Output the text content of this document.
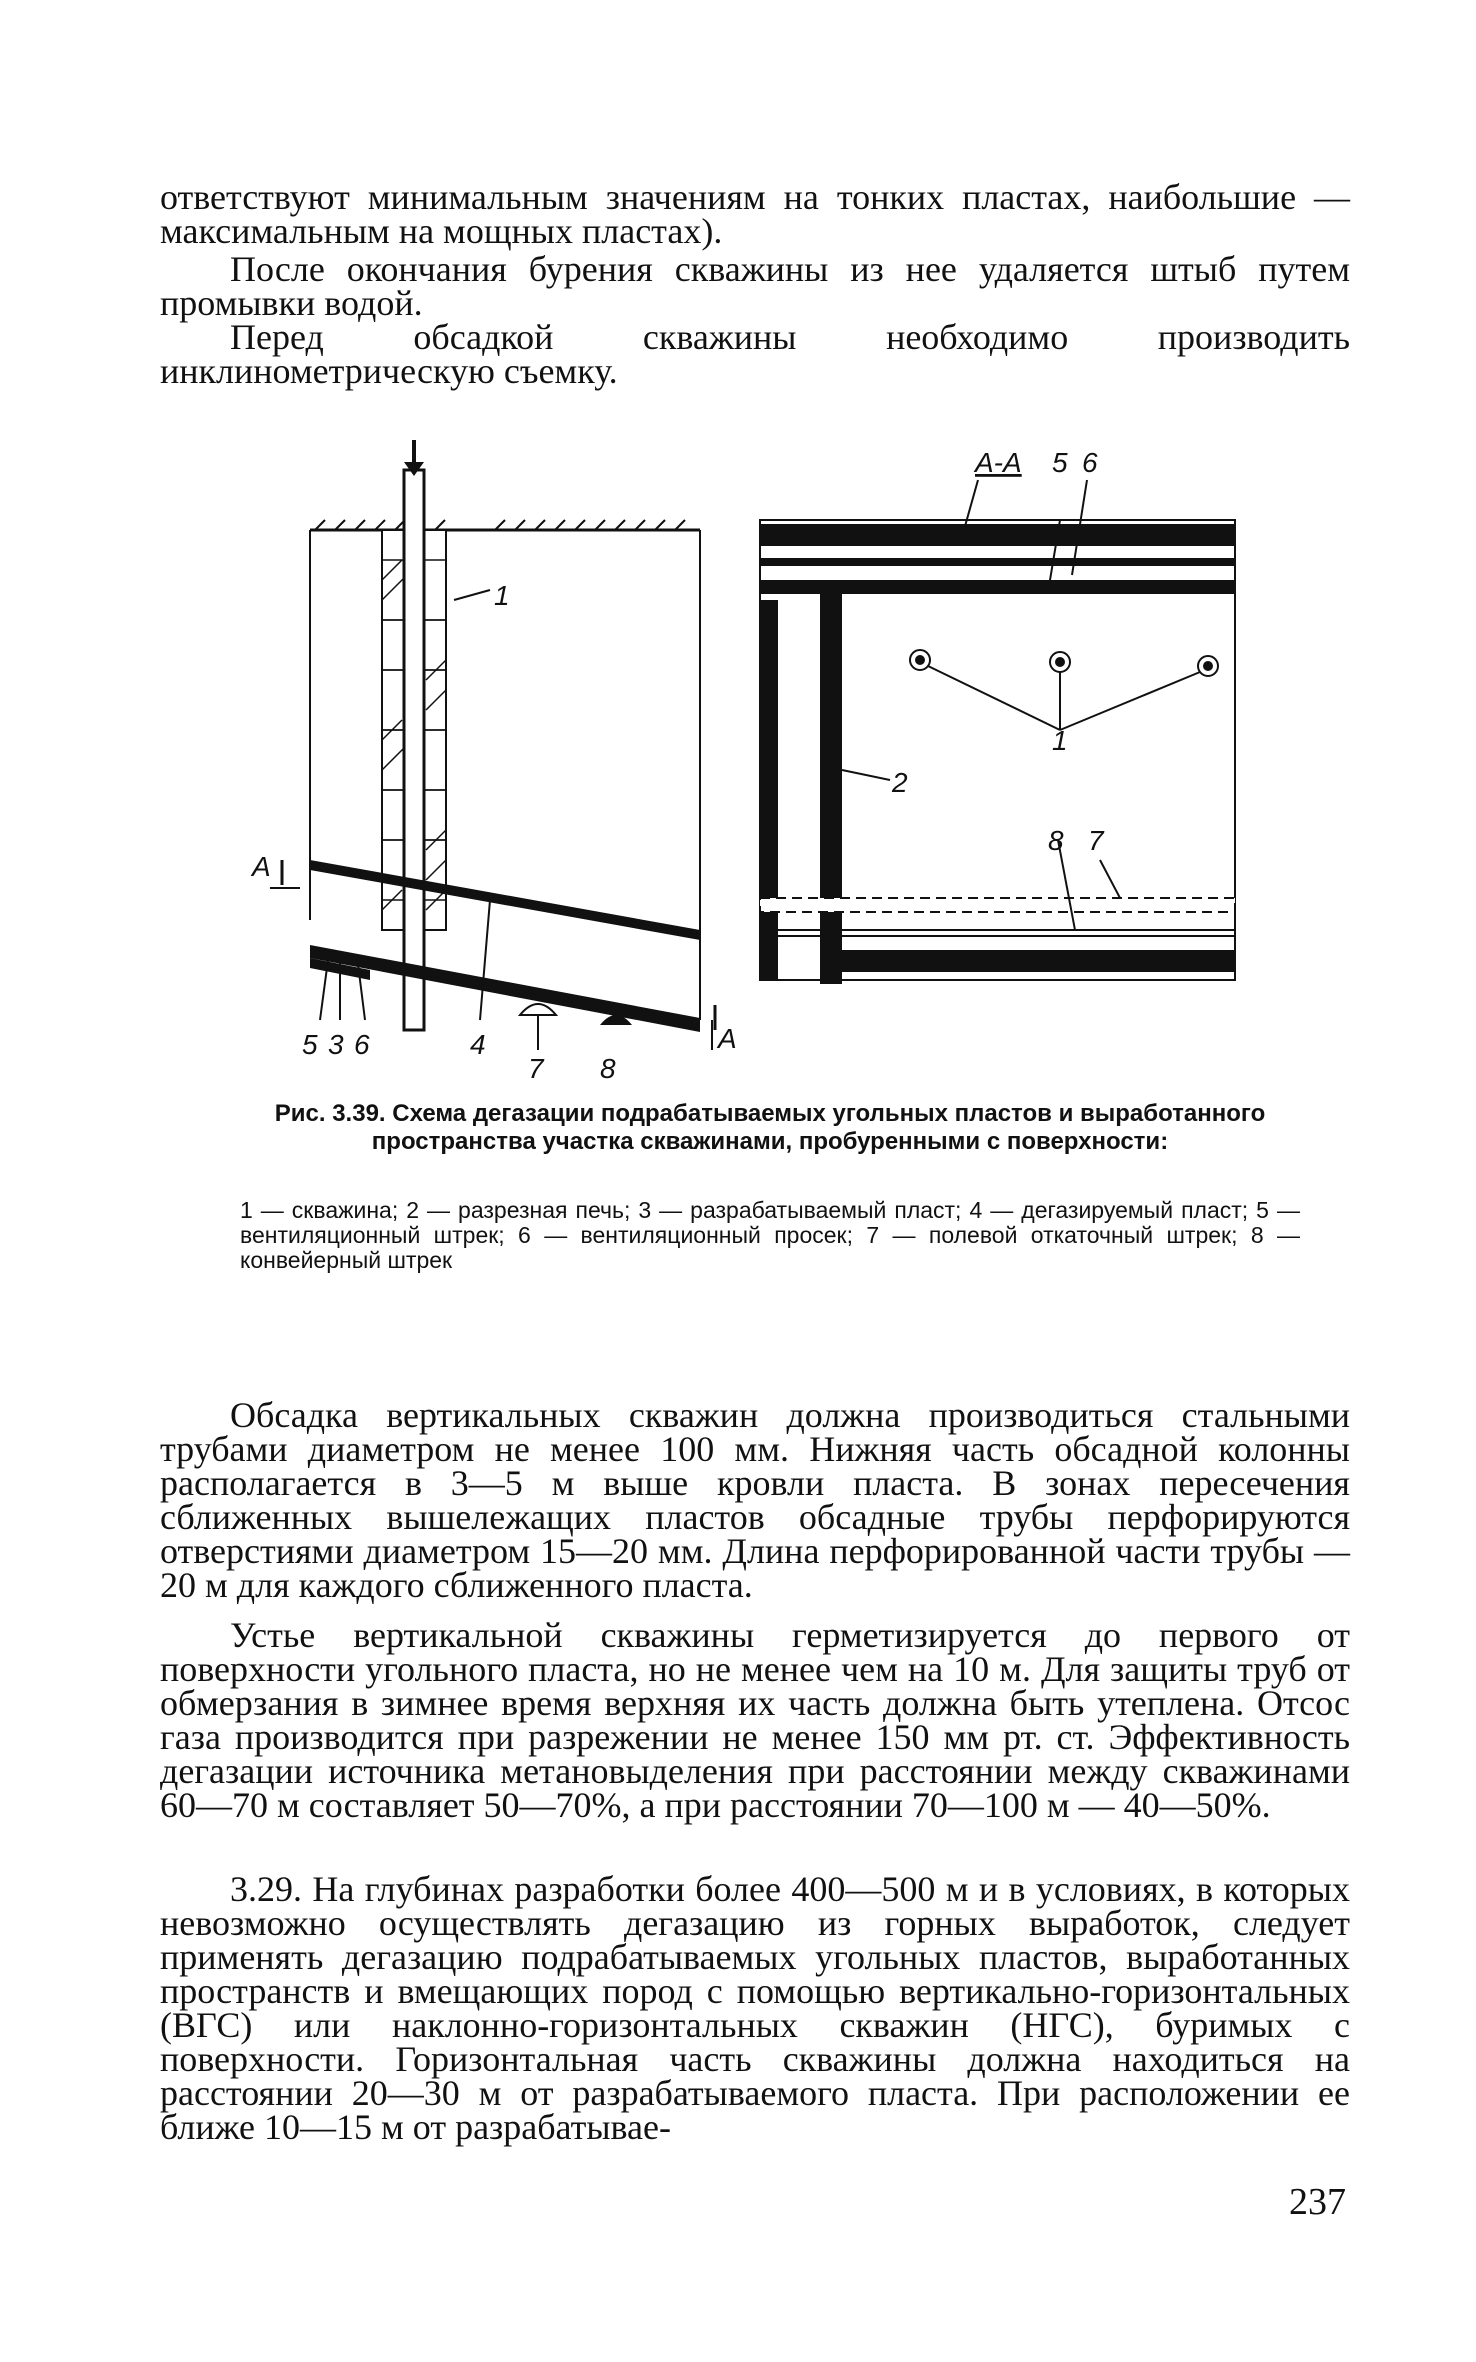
ответствуют минимальным значениям на тонких пластах, наибольшие — максимальным на мощных пластах).

После окончания бурения скважины из нее удаляется штыб путем промывки водой.

Перед обсадкой скважины необходимо производить инклинометрическую съемку.

1
А
А
5 3 6	4
7 8
А-А 5 6
1
2
8 7
Рис. 3.39. Схема дегазации подрабатываемых угольных пластов и выработанного пространства участка скважинами, пробуренными с поверхности:
1 — скважина; 2 — разрезная печь; 3 — разрабатываемый пласт; 4 — дегазируемый пласт; 5 — вентиляционный штрек; 6 — вентиляционный просек; 7 — полевой откаточный штрек; 8 — конвейерный штрек

Обсадка вертикальных скважин должна производиться стальными трубами диаметром не менее 100 мм. Нижняя часть обсадной колонны располагается в 3—5 м выше кровли пласта. В зонах пересечения сближенных вышележащих пластов обсадные трубы перфорируются отверстиями диаметром 15—20 мм. Длина перфорированной части трубы — 20 м для каждого сближенного пласта.

Устье вертикальной скважины герметизируется до первого от поверхности угольного пласта, но не менее чем на 10 м. Для защиты труб от обмерзания в зимнее время верхняя их часть должна быть утеплена. Отсос газа производится при разрежении не менее 150 мм рт. ст. Эффективность дегазации источника метановыделения при расстоянии между скважинами 60—70 м составляет 50—70%, а при расстоянии 70—100 м — 40—50%.

3.29. На глубинах разработки более 400—500 м и в условиях, в которых невозможно осуществлять дегазацию из горных выработок, следует применять дегазацию подрабатываемых угольных пластов, выработанных пространств и вмещающих пород с помощью вертикально-горизонтальных (ВГС) или наклонно-горизонтальных скважин (НГС), буримых с поверхности. Горизонтальная часть скважины должна находиться на расстоянии 20—30 м от разрабатываемого пласта. При расположении ее ближе 10—15 м от разрабатывае-

237
